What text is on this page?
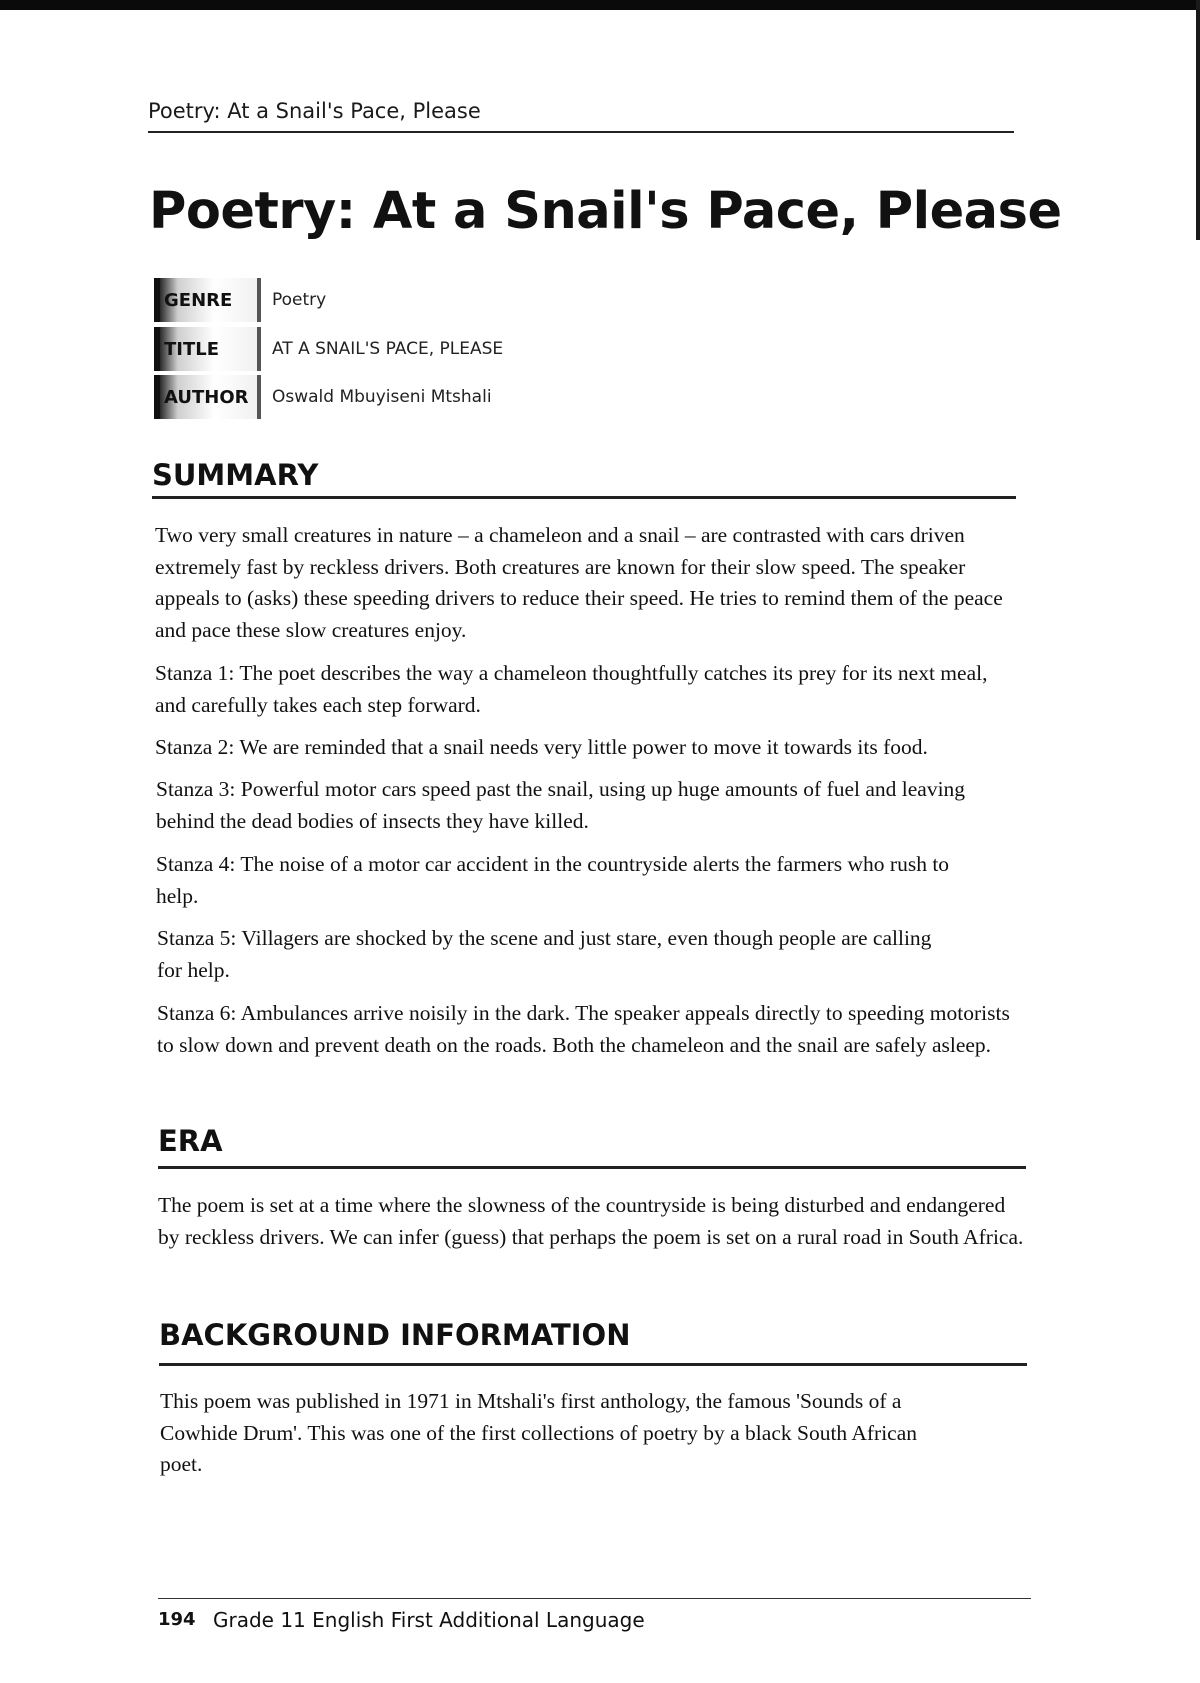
Poetry: At a Snail's Pace, Please
Poetry: At a Snail's Pace, Please
GENRE	Poetry
TITLE	AT A SNAIL'S PACE, PLEASE
AUTHOR	Oswald Mbuyiseni Mtshali
SUMMARY

Two very small creatures in nature – a chameleon and a snail – are contrasted with cars driven extremely fast by reckless drivers. Both creatures are known for their slow speed. The speaker appeals to (asks) these speeding drivers to reduce their speed. He tries to remind them of the peace and pace these slow creatures enjoy.

Stanza 1: The poet describes the way a chameleon thoughtfully catches its prey for its next meal, and carefully takes each step forward.

Stanza 2: We are reminded that a snail needs very little power to move it towards its food.

Stanza 3: Powerful motor cars speed past the snail, using up huge amounts of fuel and leaving behind the dead bodies of insects they have killed.

Stanza 4: The noise of a motor car accident in the countryside alerts the farmers who rush to help.

Stanza 5: Villagers are shocked by the scene and just stare, even though people are calling for help.

Stanza 6: Ambulances arrive noisily in the dark. The speaker appeals directly to speeding motorists to slow down and prevent death on the roads. Both the chameleon and the snail are safely asleep.

ERA

The poem is set at a time where the slowness of the countryside is being disturbed and endangered by reckless drivers. We can infer (guess) that perhaps the poem is set on a rural road in South Africa.

BACKGROUND INFORMATION

This poem was published in 1971 in Mtshali's first anthology, the famous 'Sounds of a Cowhide Drum'. This was one of the first collections of poetry by a black South African poet.

194 Grade 11 English First Additional Language
